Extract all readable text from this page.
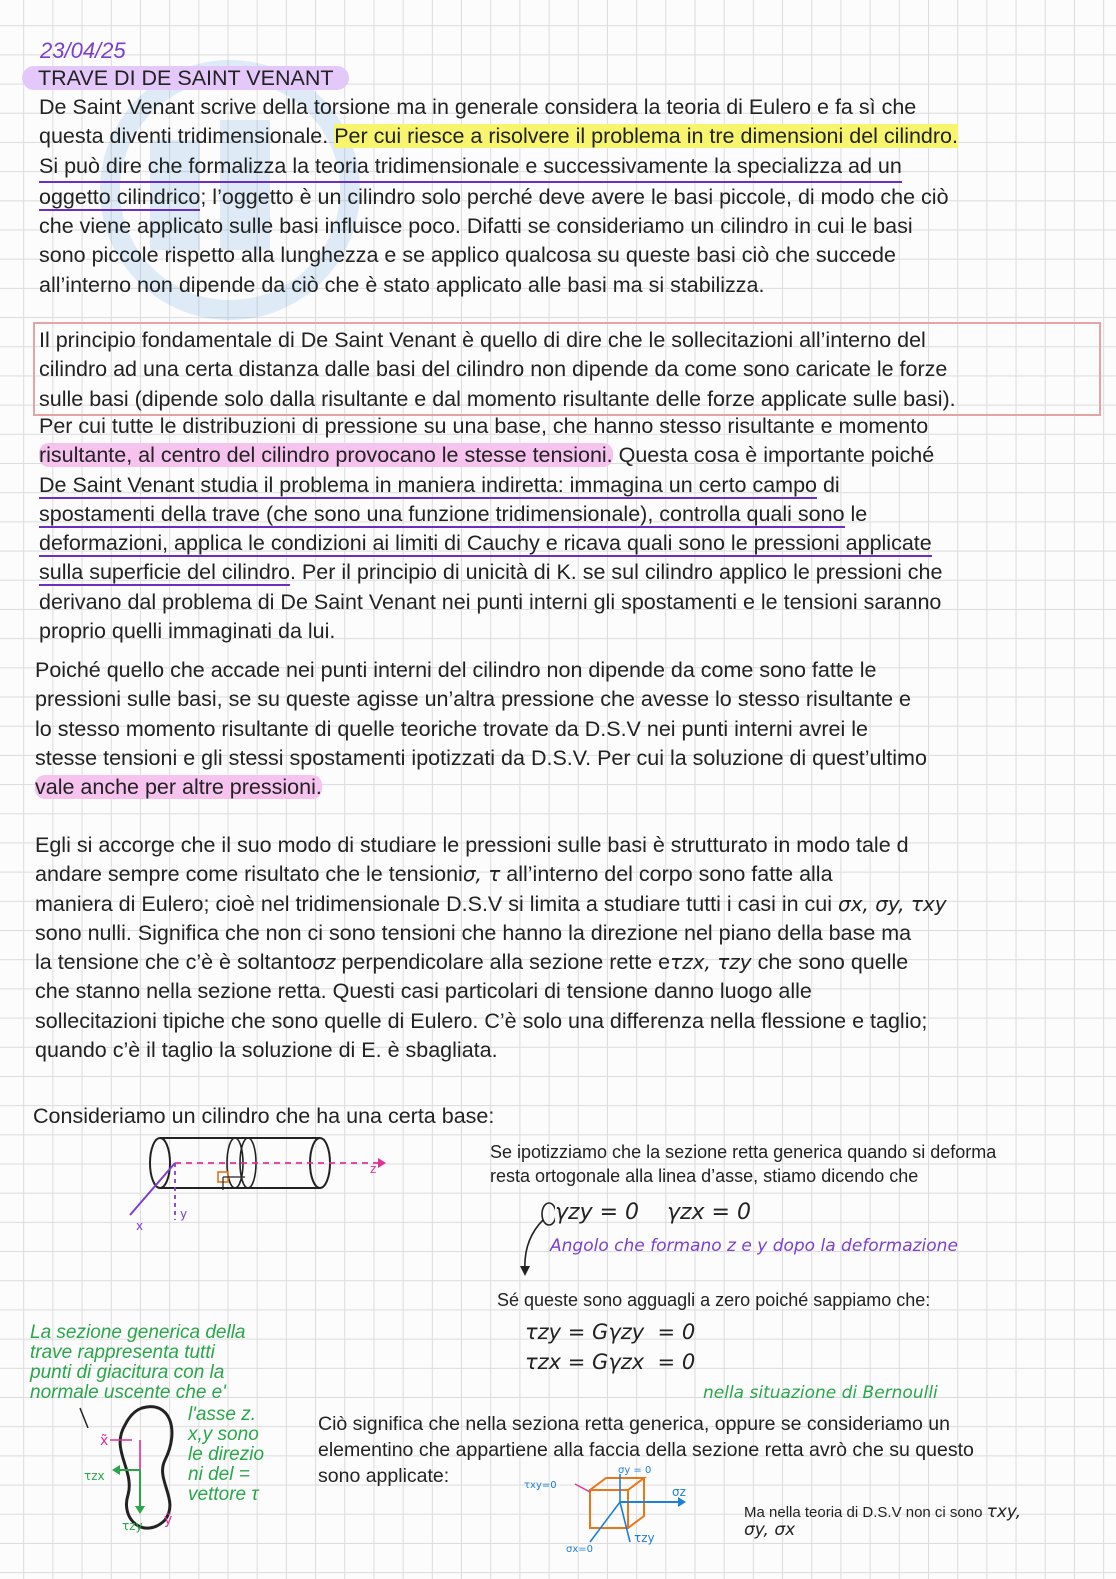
23/04/25
TRAVE DI DE SAINT VENANT
De Saint Venant scrive della torsione ma in generale considera la teoria di Eulero e fa sì che
questa diventi tridimensionale. Per cui riesce a risolvere il problema in tre dimensioni del cilindro.
Si può dire che formalizza la teoria tridimensionale e successivamente la specializza ad un
oggetto cilindrico; l’oggetto è un cilindro solo perché deve avere le basi piccole, di modo che ciò
che viene applicato sulle basi influisce poco. Difatti se consideriamo un cilindro in cui le basi
sono piccole rispetto alla lunghezza e se applico qualcosa su queste basi ciò che succede
all’interno non dipende da ciò che è stato applicato alle basi ma si stabilizza.
Il principio fondamentale di De Saint Venant è quello di dire che le sollecitazioni all’interno del
cilindro ad una certa distanza dalle basi del cilindro non dipende da come sono caricate le forze
sulle basi (dipende solo dalla risultante e dal momento risultante delle forze applicate sulle basi).
Per cui tutte le distribuzioni di pressione su una base, che hanno stesso risultante e momento
risultante, al centro del cilindro provocano le stesse tensioni. Questa cosa è importante poiché
De Saint Venant studia il problema in maniera indiretta: immagina un certo campo di
spostamenti della trave (che sono una funzione tridimensionale), controlla quali sono le
deformazioni, applica le condizioni ai limiti di Cauchy e ricava quali sono le pressioni applicate
sulla superficie del cilindro. Per il principio di unicità di K. se sul cilindro applico le pressioni che
derivano dal problema di De Saint Venant nei punti interni gli spostamenti e le tensioni saranno
proprio quelli immaginati da lui.
Poiché quello che accade nei punti interni del cilindro non dipende da come sono fatte le
pressioni sulle basi, se su queste agisse un’altra pressione che avesse lo stesso risultante e
lo stesso momento risultante di quelle teoriche trovate da D.S.V nei punti interni avrei le
stesse tensioni e gli stessi spostamenti ipotizzati da D.S.V. Per cui la soluzione di quest’ultimo
vale anche per altre pressioni.
Egli si accorge che il suo modo di studiare le pressioni sulle basi è strutturato in modo tale d
andare sempre come risultato che le tensioniσ, τ all’interno del corpo sono fatte alla
maniera di Eulero; cioè nel tridimensionale D.S.V si limita a studiare tutti i casi in cui σx, σy, τxy
sono nulli. Significa che non ci sono tensioni che hanno la direzione nel piano della base ma
la tensione che c’è è soltantoσz perpendicolare alla sezione rette eτzx, τzy che sono quelle
che stanno nella sezione retta. Questi casi particolari di tensione danno luogo alle
sollecitazioni tipiche che sono quelle di Eulero. C’è solo una differenza nella flessione e taglio;
quando c’è il taglio la soluzione di E. è sbagliata.
Consideriamo un cilindro che ha una certa base:
z
x
y
Se ipotizziamo che la sezione retta generica quando si deforma
resta ortogonale alla linea d’asse, stiamo dicendo che
γzy = 0    γzx = 0
Angolo che formano z e y dopo la deformazione
Sé queste sono agguagli a zero poiché sappiamo che:
τzy = Gγzy  = 0
τzx = Gγzx  = 0
nella situazione di Bernoulli
Ciò significa che nella seziona retta generica, oppure se consideriamo un
elementino che appartiene alla faccia della sezione retta avrò che su questo
sono applicate:	τxy=0
σy = 0
σz
τzy
σx=0
Ma nella teoria di D.S.V non ci sono τxy,
σy, σx
La sezione generica della
trave rappresenta tutti
punti di giacitura con la
normale uscente che e'
l'asse z.
x,y sono
le direzio
ni del =
vettore τ
x̃
ỹ
τzx
τzy
